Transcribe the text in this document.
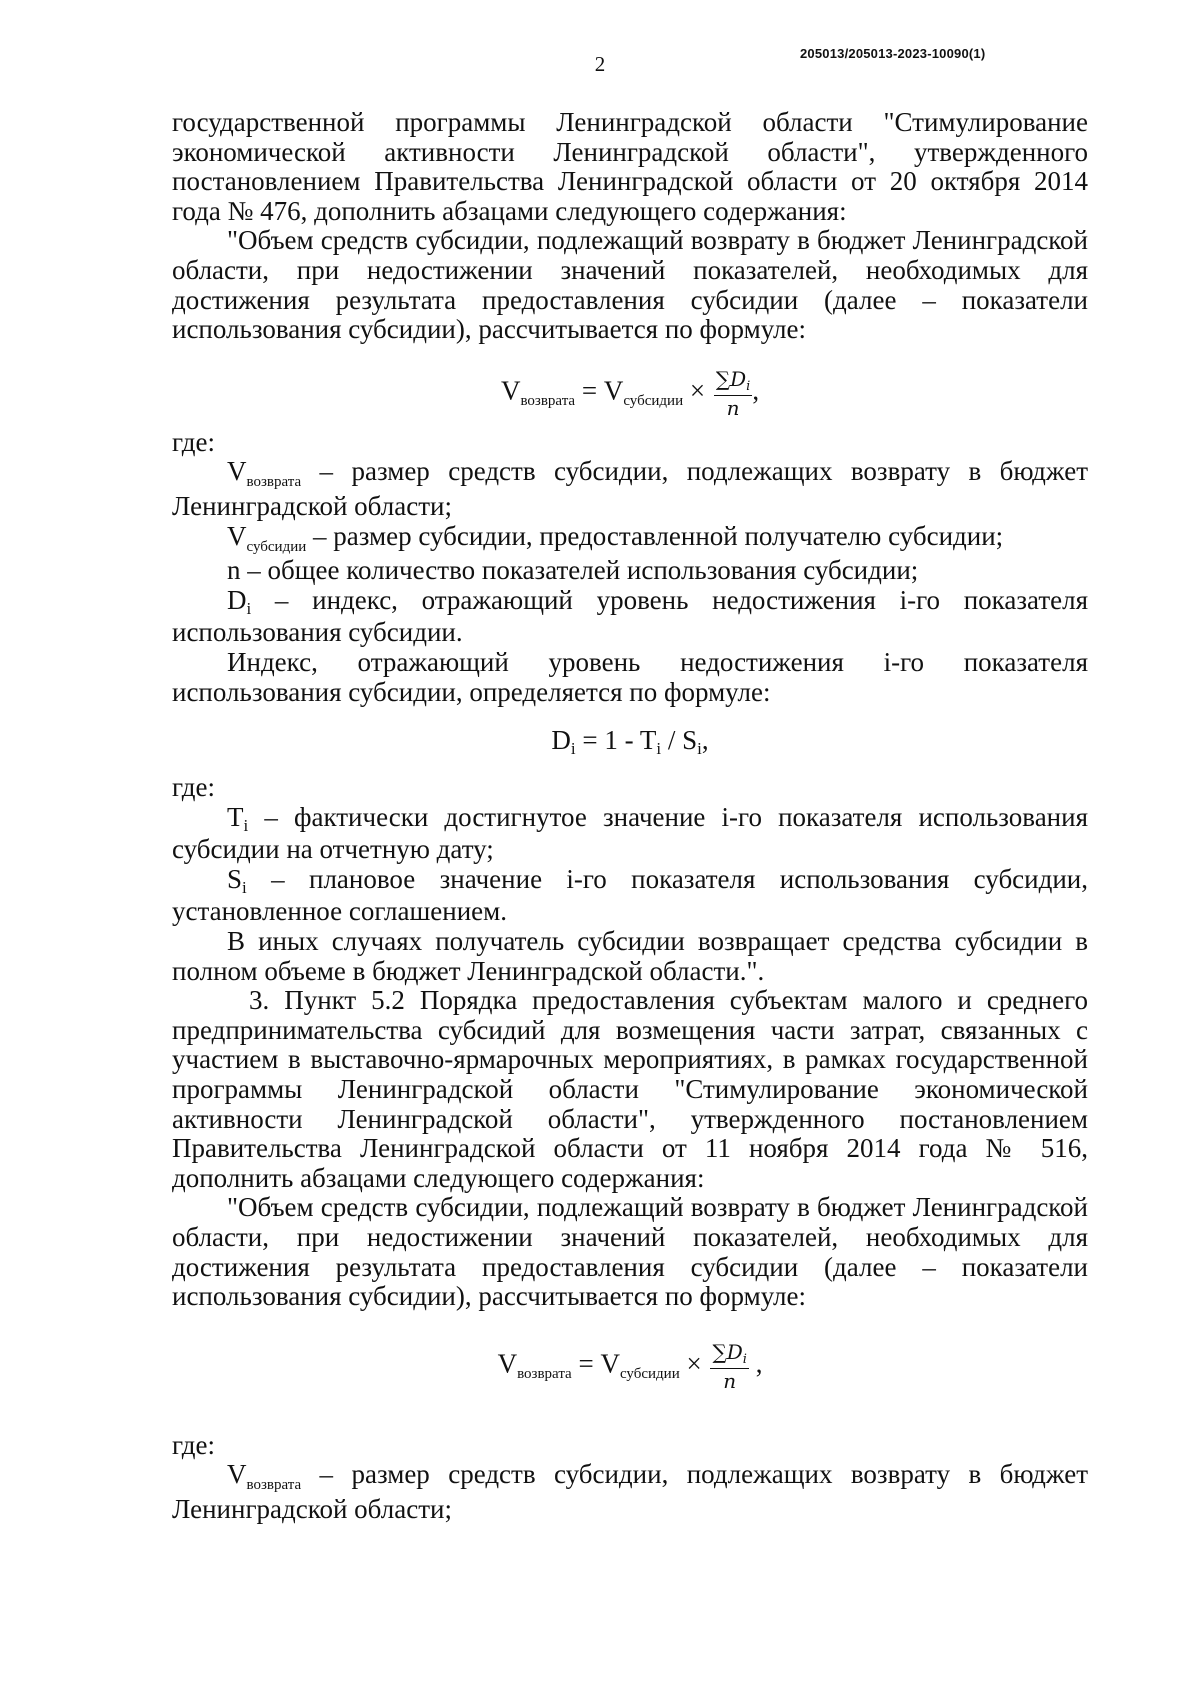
2	205013/205013-2023-10090(1)

государственной программы Ленинградской области "Стимулирование экономической активности Ленинградской области", утвержденного постановлением Правительства Ленинградской области от 20 октября 2014 года № 476, дополнить абзацами следующего содержания:

"Объем средств субсидии, подлежащий возврату в бюджет Ленинградской области, при недостижении значений показателей, необходимых для достижения результата предоставления субсидии (далее – показатели использования субсидии), рассчитывается по формуле:

$V_{возврата} = V_{субсидии} \times \frac{\sum D_i}{n}$ ,

где:

$V_{возврата}$ – размер средств субсидии, подлежащих возврату в бюджет Ленинградской области;

$V_{субсидии}$ – размер субсидии, предоставленной получателю субсидии;

n – общее количество показателей использования субсидии;

Di – индекс, отражающий уровень недостижения i-го показателя использования субсидии.

Индекс, отражающий уровень недостижения i-го показателя использования субсидии, определяется по формуле:

Di = 1 - Ti / Si,

где:

Ti – фактически достигнутое значение i-го показателя использования субсидии на отчетную дату;

Si – плановое значение i-го показателя использования субсидии, установленное соглашением.

В иных случаях получатель субсидии возвращает средства субсидии в полном объеме в бюджет Ленинградской области.".

3. Пункт 5.2 Порядка предоставления субъектам малого и среднего предпринимательства субсидий для возмещения части затрат, связанных с участием в выставочно-ярмарочных мероприятиях, в рамках государственной программы Ленинградской области "Стимулирование экономической активности Ленинградской области", утвержденного постановлением Правительства Ленинградской области от 11 ноября 2014 года № 516, дополнить абзацами следующего содержания:

"Объем средств субсидии, подлежащий возврату в бюджет Ленинградской области, при недостижении значений показателей, необходимых для достижения результата предоставления субсидии (далее – показатели использования субсидии), рассчитывается по формуле:

$V_{возврата} = V_{субсидии} \times \frac{\sum D_i}{n}$ ,

где:

$V_{возврата}$ – размер средств субсидии, подлежащих возврату в бюджет Ленинградской области;
